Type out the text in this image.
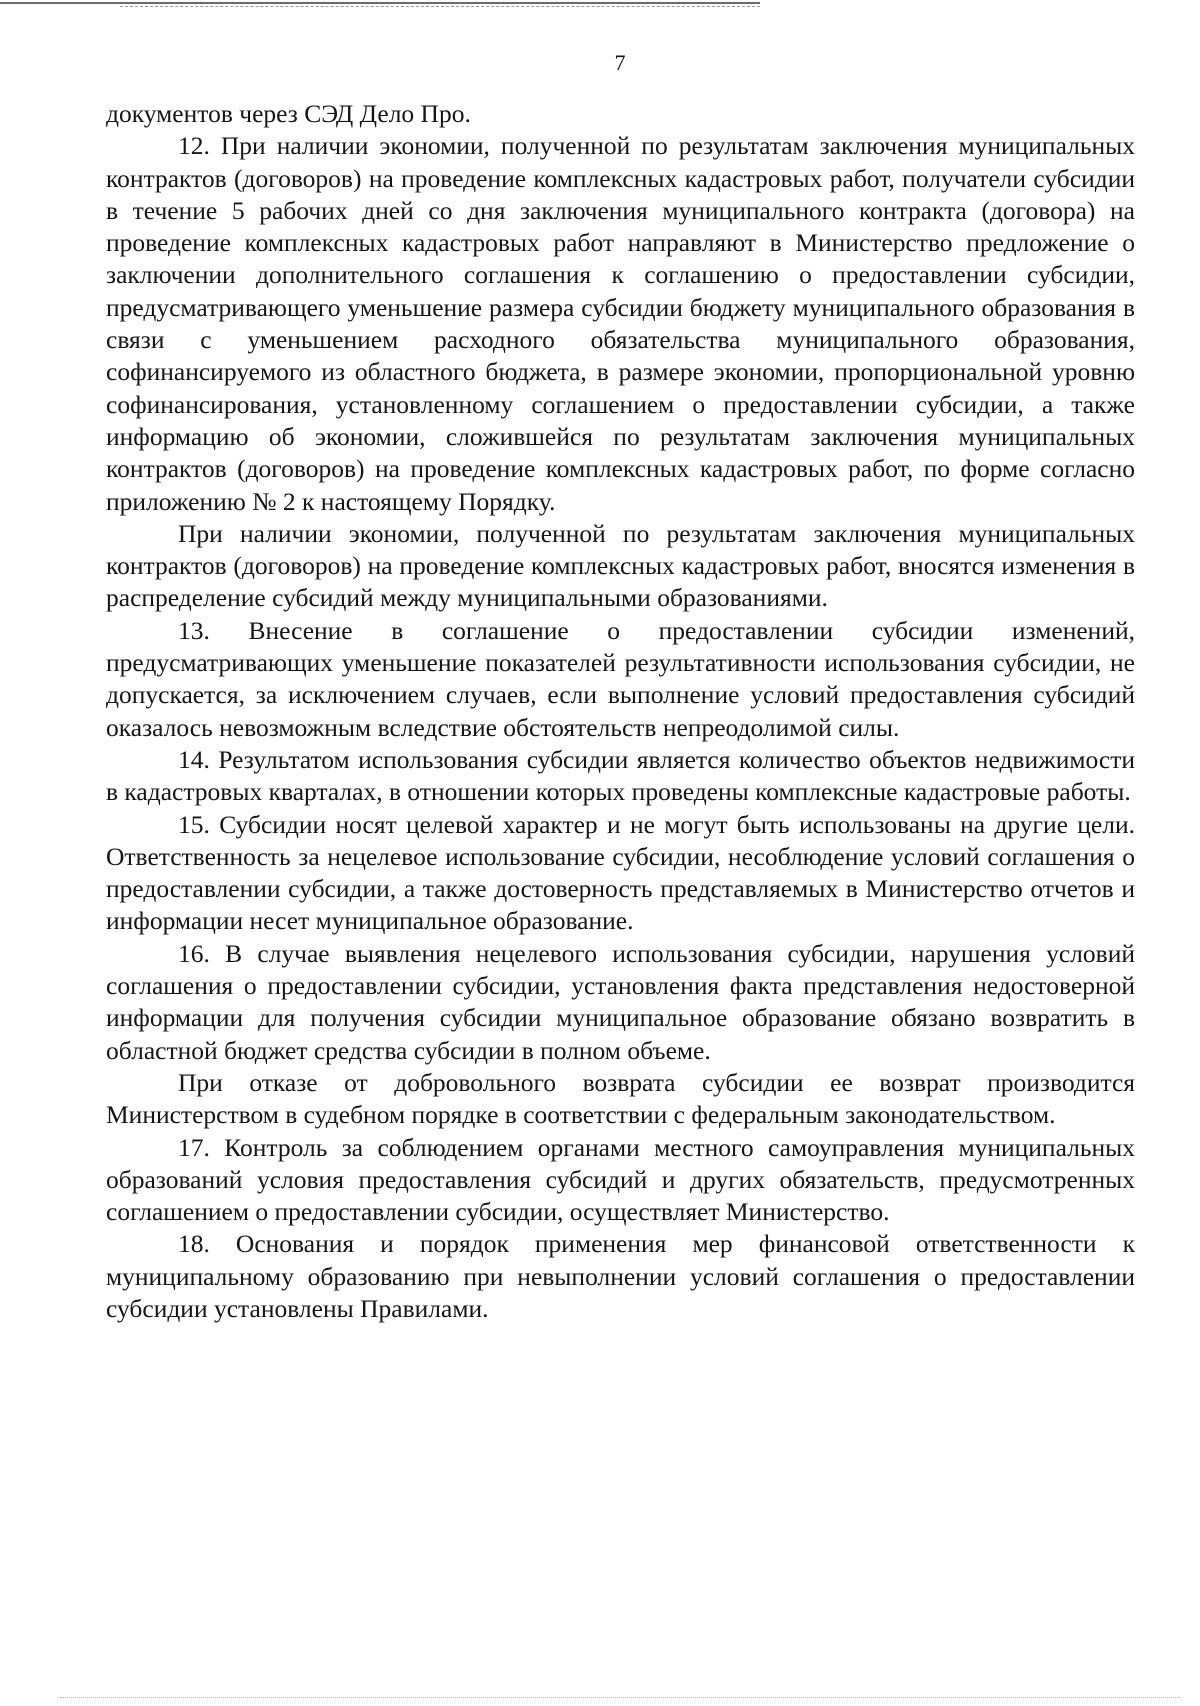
7

документов через СЭД Дело Про.

12. При наличии экономии, полученной по результатам заключения муниципальных контрактов (договоров) на проведение комплексных кадастровых работ, получатели субсидии в течение 5 рабочих дней со дня заключения муниципального контракта (договора) на проведение комплексных кадастровых работ направляют в Министерство предложение о заключении дополнительного соглашения к соглашению о предоставлении субсидии, предусматривающего уменьшение размера субсидии бюджету муниципального образования в связи с уменьшением расходного обязательства муниципального образования, софинансируемого из областного бюджета, в размере экономии, пропорциональной уровню софинансирования, установленному соглашением о предоставлении субсидии, а также информацию об экономии, сложившейся по результатам заключения муниципальных контрактов (договоров) на проведение комплексных кадастровых работ, по форме согласно приложению № 2 к настоящему Порядку.

При наличии экономии, полученной по результатам заключения муниципальных контрактов (договоров) на проведение комплексных кадастровых работ, вносятся изменения в распределение субсидий между муниципальными образованиями.

13. Внесение в соглашение о предоставлении субсидии изменений, предусматривающих уменьшение показателей результативности использования субсидии, не допускается, за исключением случаев, если выполнение условий предоставления субсидий оказалось невозможным вследствие обстоятельств непреодолимой силы.

14. Результатом использования субсидии является количество объектов недвижимости в кадастровых кварталах, в отношении которых проведены комплексные кадастровые работы.

15. Субсидии носят целевой характер и не могут быть использованы на другие цели. Ответственность за нецелевое использование субсидии, несоблюдение условий соглашения о предоставлении субсидии, а также достоверность представляемых в Министерство отчетов и информации несет муниципальное образование.

16. В случае выявления нецелевого использования субсидии, нарушения условий соглашения о предоставлении субсидии, установления факта представления недостоверной информации для получения субсидии муниципальное образование обязано возвратить в областной бюджет средства субсидии в полном объеме.

При отказе от добровольного возврата субсидии ее возврат производится Министерством в судебном порядке в соответствии с федеральным законодательством.

17. Контроль за соблюдением органами местного самоуправления муниципальных образований условия предоставления субсидий и других обязательств, предусмотренных соглашением о предоставлении субсидии, осуществляет Министерство.

18. Основания и порядок применения мер финансовой ответственности к муниципальному образованию при невыполнении условий соглашения о предоставлении субсидии установлены Правилами.
